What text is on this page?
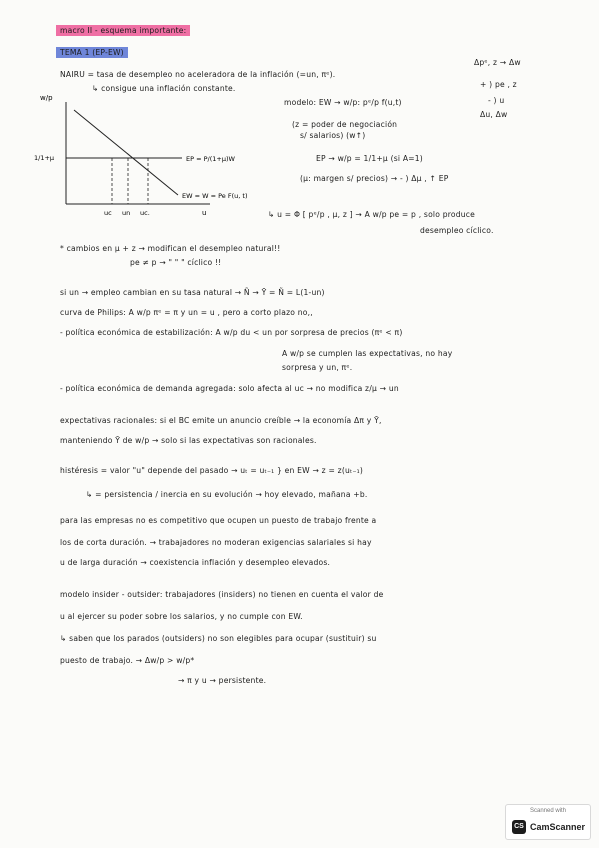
macro II - esquema importante:
TEMA 1 (EP-EW)
NAIRU = tasa de desempleo no aceleradora de la inflación (=un, πᵉ).
Δpᵉ, z → Δw
↳ consigue una inflación constante.	+ ) pe , z
w/p
1/1+μ	EP = P/(1+μ)W
EW = W = Pe F(u, t)
uc un uc.	u
modelo: EW → w/p: pᵉ/p f(u,t)	- ) u
Δu, Δw
(z = poder de negociación
s/ salarios) (w↑)
EP → w/p = 1/1+μ (si A=1)
(μ: margen s/ precios) → - ) Δμ , ↑ EP
↳ u = Φ [ pᵉ/p , μ, z ] → A w/p pe = p , solo produce
desempleo cíclico.
* cambios en μ + z → modifican el desempleo natural!!
pe ≠ p → " " " cíclico !!
si un → empleo cambian en su tasa natural → Ñ → Ȳ = Ñ = L(1-un)
curva de Philips: A w/p πᵉ = π y un = u , pero a corto plazo no,,
- política económica de estabilización: A w/p du < un por sorpresa de precios (πᵉ < π)
A w/p se cumplen las expectativas, no hay
sorpresa y un, πᵉ.
- política económica de demanda agregada: solo afecta al uc → no modifica z/μ → un
expectativas racionales: si el BC emite un anuncio creíble → la economía Δπ y Ȳ,
manteniendo Ȳ de w/p → solo si las expectativas son racionales.
histéresis = valor "u" depende del pasado → uₜ = uₜ₋₁ } en EW → z = z(uₜ₋₁)
↳ = persistencia / inercia en su evolución → hoy elevado, mañana +b.
para las empresas no es competitivo que ocupen un puesto de trabajo frente a
los de corta duración. → trabajadores no moderan exigencias salariales si hay
u de larga duración → coexistencia inflación y desempleo elevados.
modelo insider - outsider: trabajadores (insiders) no tienen en cuenta el valor de
u al ejercer su poder sobre los salarios, y no cumple con EW.
↳ saben que los parados (outsiders) no son elegibles para ocupar (sustituir) su
puesto de trabajo. → Δw/p > w/p*
→ π y u → persistente.
Scanned with
CS CamScanner
